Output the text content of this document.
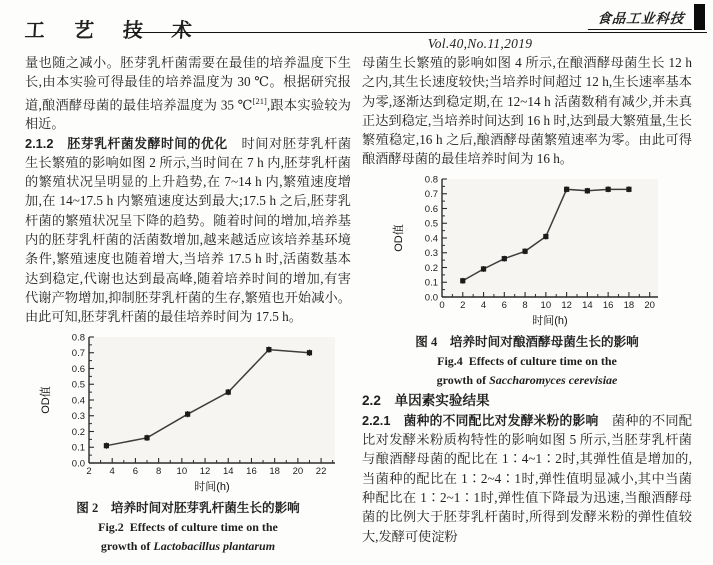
工 艺 技 术
Vol.40,No.11,2019
食品工业科技

量也随之减小。胚芽乳杆菌需要在最佳的培养温度下生长,由本实验可得最佳的培养温度为 30 ℃。根据研究报道,酿酒酵母菌的最佳培养温度为 35 ℃[21],跟本实验较为相近。

2.1.2　胚芽乳杆菌发酵时间的优化　时间对胚芽乳杆菌生长繁殖的影响如图 2 所示,当时间在 7 h 内,胚芽乳杆菌的繁殖状况呈明显的上升趋势,在 7~14 h 内,繁殖速度增加,在 14~17.5 h 内繁殖速度达到最大;17.5 h 之后,胚芽乳杆菌的繁殖状况呈下降的趋势。随着时间的增加,培养基内的胚芽乳杆菌的活菌数增加,越来越适应该培养基环境条件,繁殖速度也随着增大,当培养 17.5 h 时,活菌数基本达到稳定,代谢也达到最高峰,随着培养时间的增加,有害代谢产物增加,抑制胚芽乳杆菌的生存,繁殖也开始减小。由此可知,胚芽乳杆菌的最佳培养时间为 17.5 h。

0.0
0.1
0.2
0.3
0.4
0.5
0.6
0.7
0.8
2 4 6 8 10 12 14 16 18 20 22
时间(h)
OD值
图 2　培养时间对胚芽乳杆菌生长的影响
Fig.2 Effects of culture time on the
growth of Lactobacillus plantarum

母菌生长繁殖的影响如图 4 所示,在酿酒酵母菌生长 12 h 之内,其生长速度较快;当培养时间超过 12 h,生长速率基本为零,逐渐达到稳定期,在 12~14 h 活菌数稍有减少,并未真正达到稳定,当培养时间达到 16 h 时,达到最大繁殖量,生长繁殖稳定,16 h 之后,酿酒酵母菌繁殖速率为零。由此可得酿酒酵母菌的最佳培养时间为 16 h。

0.0
0.1
0.2
0.3
0.4
0.5
0.6
0.7
0.8
0 2 4 6 8 10 12 14 16 18 20
时间(h)
OD值
图 4　培养时间对酿酒酵母菌生长的影响
Fig.4 Effects of culture time on the
growth of Saccharomyces cerevisiae
2.2　单因素实验结果

2.2.1　菌种的不同配比对发酵米粉的影响　菌种的不同配比对发酵米粉质构特性的影响如图 5 所示,当胚芽乳杆菌与酿酒酵母菌的配比在 1∶4~1∶2时,其弹性值是增加的,当菌种的配比在 1∶2~4∶1时,弹性值明显减小,其中当菌种配比在 1∶2~1∶1时,弹性值下降最为迅速,当酿酒酵母菌的比例大于胚芽乳杆菌时,所得到发酵米粉的弹性值较大,发酵可使淀粉
